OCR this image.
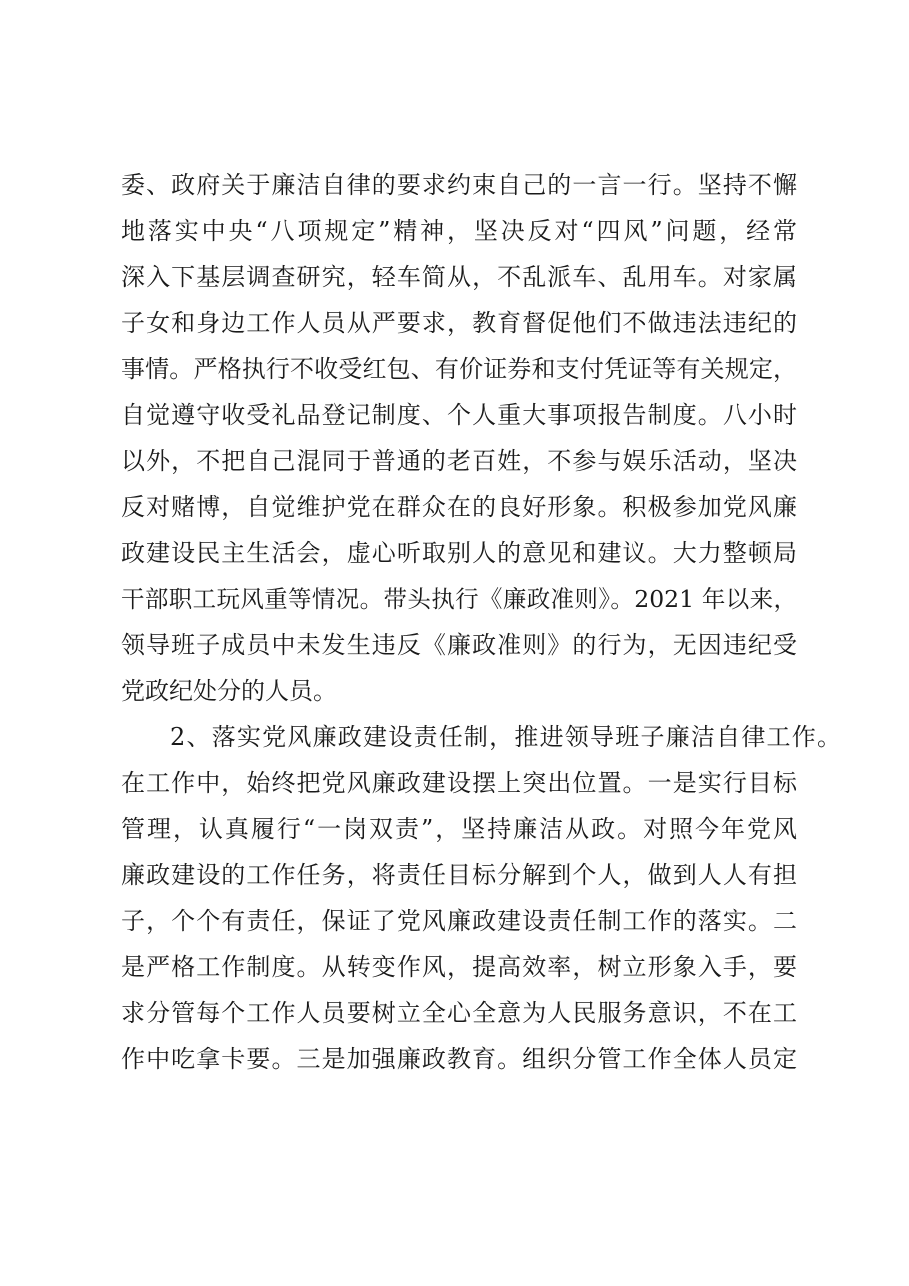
委、政府关于廉洁自律的要求约束自己的一言一行。坚持不懈
地落实中央“八项规定”精神，坚决反对“四风”问题，经常
深入下基层调查研究，轻车简从，不乱派车、乱用车。对家属
子女和身边工作人员从严要求，教育督促他们不做违法违纪的
事情。严格执行不收受红包、有价证券和支付凭证等有关规定，
自觉遵守收受礼品登记制度、个人重大事项报告制度。八小时
以外，不把自己混同于普通的老百姓，不参与娱乐活动，坚决
反对赌博，自觉维护党在群众在的良好形象。积极参加党风廉
政建设民主生活会，虚心听取别人的意见和建议。大力整顿局
干部职工玩风重等情况。带头执行《廉政准则》。2021 年以来，
领导班子成员中未发生违反《廉政准则》的行为，无因违纪受
党政纪处分的人员。
2、落实党风廉政建设责任制，推进领导班子廉洁自律工作。
在工作中，始终把党风廉政建设摆上突出位置。一是实行目标
管理，认真履行“一岗双责”，坚持廉洁从政。对照今年党风
廉政建设的工作任务，将责任目标分解到个人，做到人人有担
子，个个有责任，保证了党风廉政建设责任制工作的落实。二
是严格工作制度。从转变作风，提高效率，树立形象入手，要
求分管每个工作人员要树立全心全意为人民服务意识，不在工
作中吃拿卡要。三是加强廉政教育。组织分管工作全体人员定
